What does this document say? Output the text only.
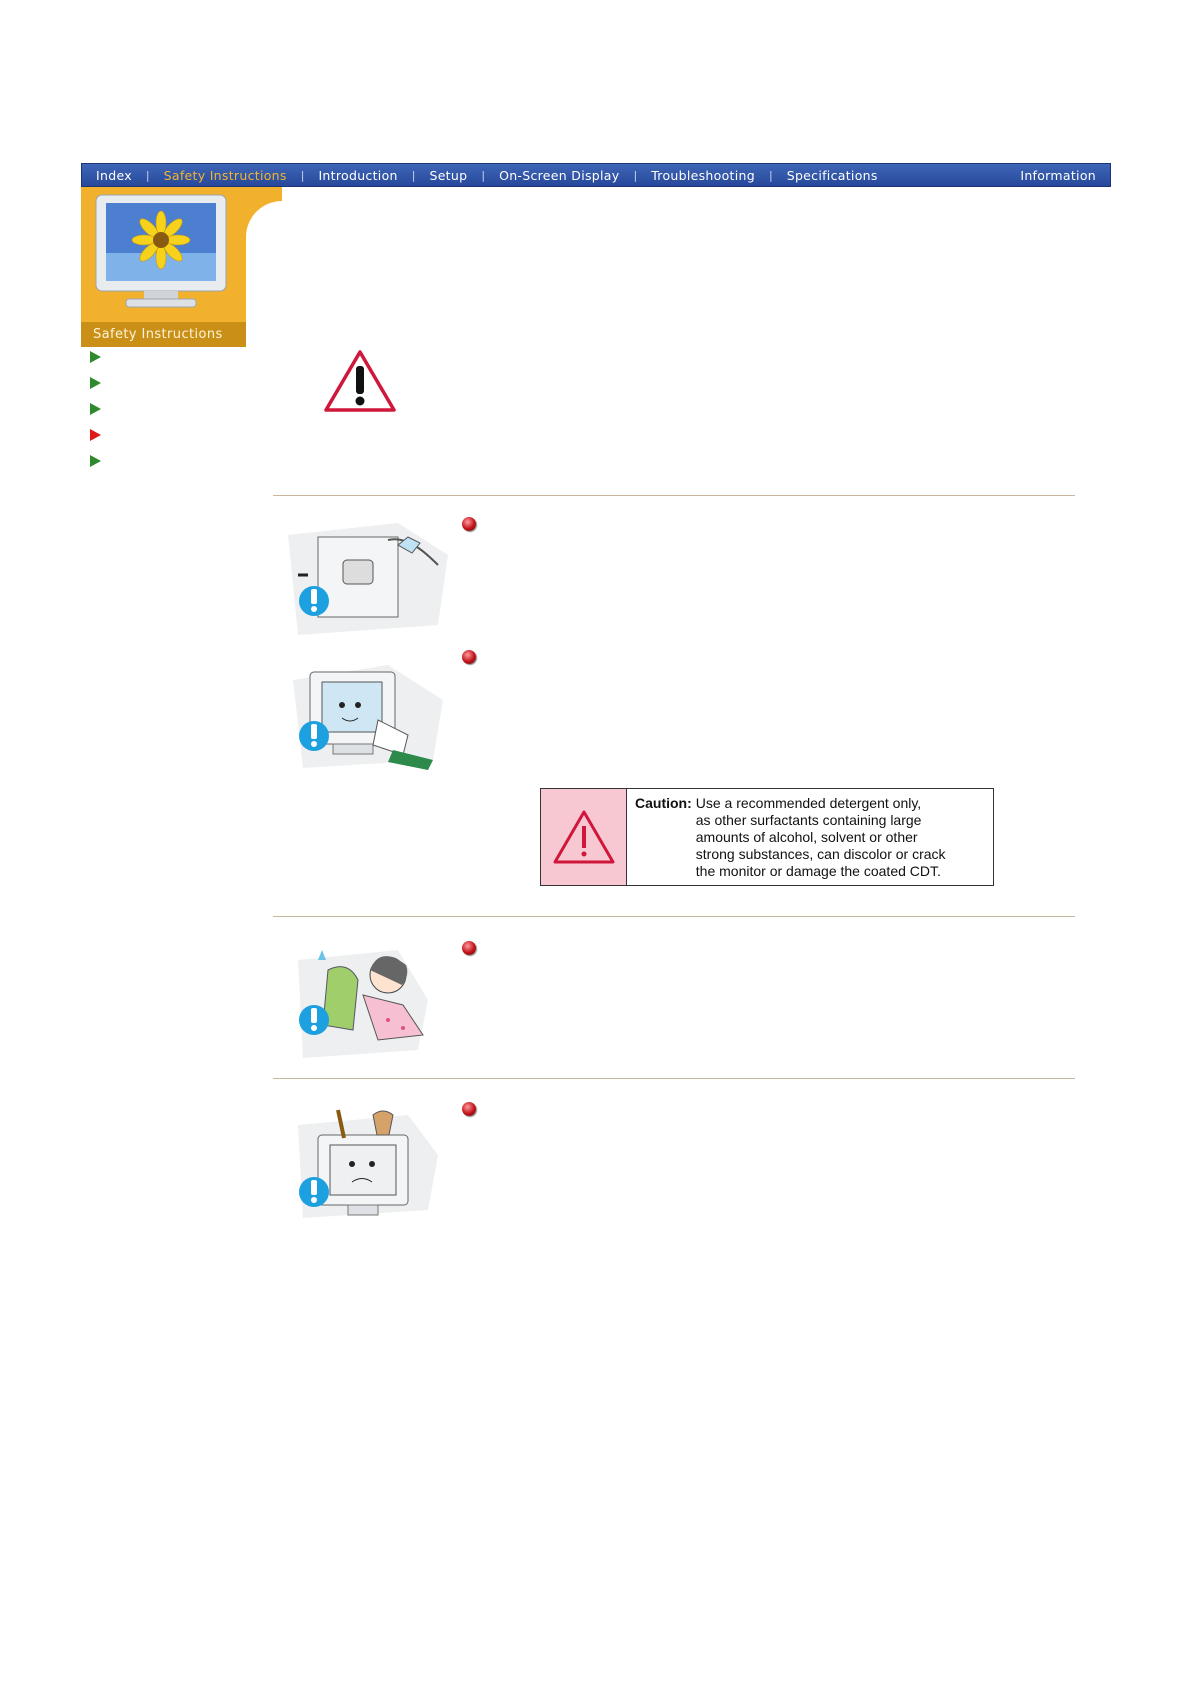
Index	|	Safety Instructions	|	Introduction	|	Setup	|	On-Screen Display	|	Troubleshooting	|	Specifications	Information
Safety Instructions
Caution: Use a recommended detergent only,
as other surfactants containing large
amounts of alcohol, solvent or other
strong substances, can discolor or crack
the monitor or damage the coated CDT.
